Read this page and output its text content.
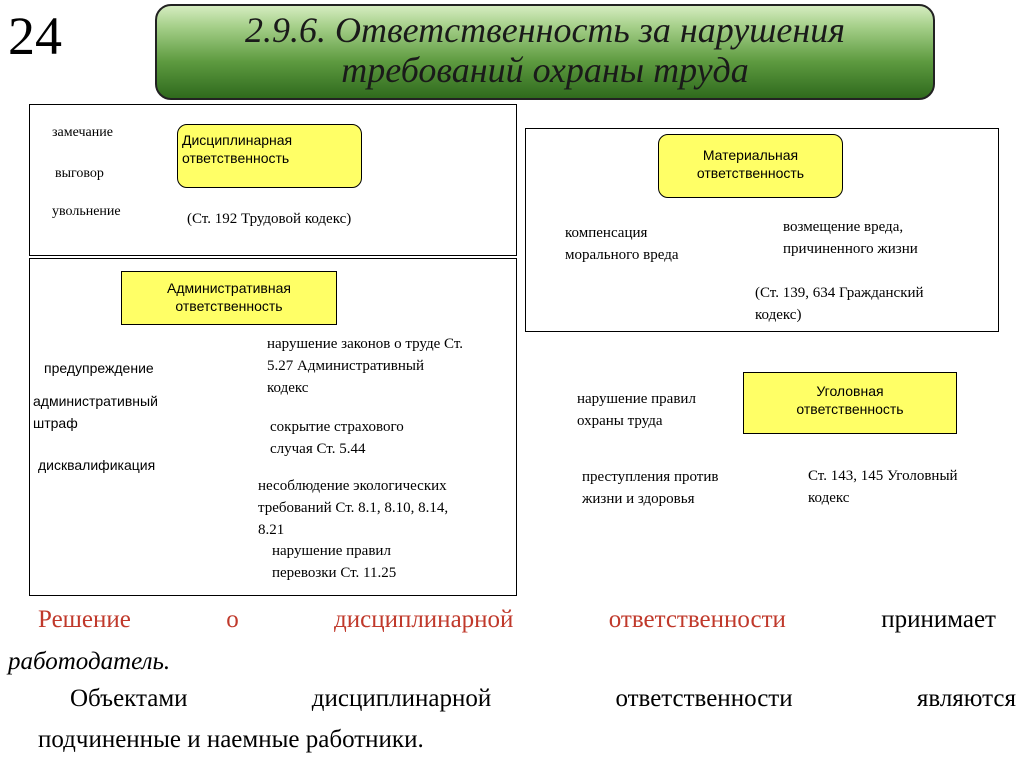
24	2.9.6. Ответственность за нарушения
требований охраны труда
замечание
выговор
увольнение
Дисциплинарная
ответственность
(Ст. 192 Трудовой кодекс)
Административная
ответственность
предупреждение
административный
штраф
дисквалификация
нарушение законов о труде Ст.
5.27 Административный
кодекс
сокрытие страхового
случая Ст. 5.44
несоблюдение экологических
требований Ст. 8.1, 8.10, 8.14,
8.21
нарушение правил
перевозки Ст. 11.25
Материальная
ответственность
компенсация
морального вреда
возмещение вреда,
причиненного жизни
(Ст. 139, 634 Гражданский
кодекс)
Уголовная
ответственность
нарушение правил
охраны труда
преступления против
жизни и здоровья
Ст. 143, 145 Уголовный
кодекс
Решение	о	дисциплинарной	ответственности	принимает
работодатель.
Объектами	дисциплинарной	ответственности	являются
подчиненные и наемные работники.
